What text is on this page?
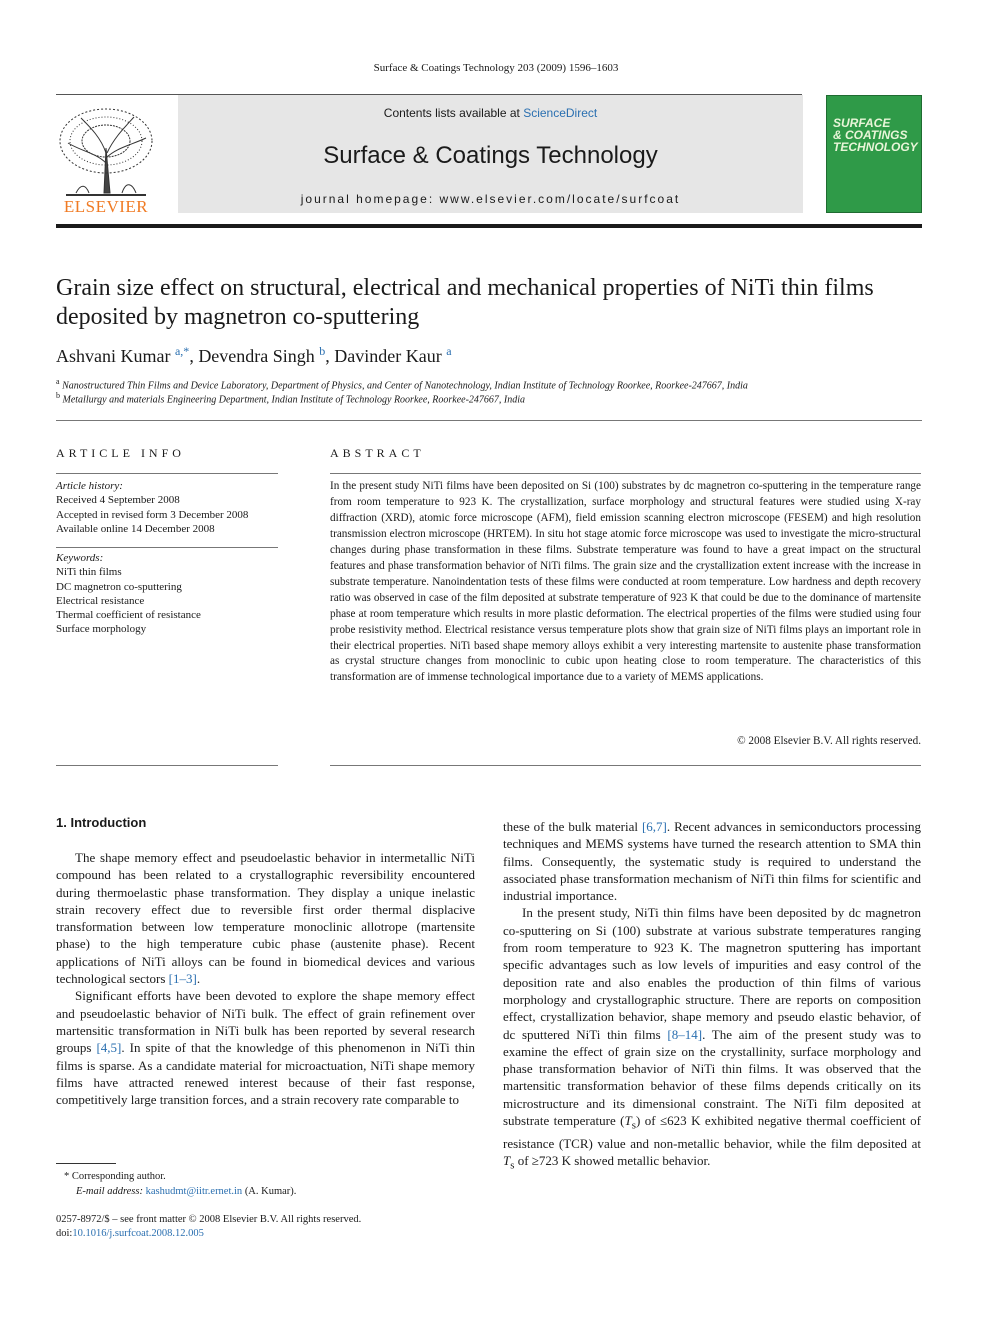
Surface & Coatings Technology 203 (2009) 1596–1603
ELSEVIER
Contents lists available at ScienceDirect
Surface & Coatings Technology
journal homepage: www.elsevier.com/locate/surfcoat
SURFACE
& COATINGS
TECHNOLOGY
Grain size effect on structural, electrical and mechanical properties of NiTi thin films
deposited by magnetron co-sputtering
Ashvani Kumar $^{a,*}$, Devendra Singh $^b$, Davinder Kaur $^a$
$^a$ Nanostructured Thin Films and Device Laboratory, Department of Physics, and Center of Nanotechnology, Indian Institute of Technology Roorkee, Roorkee-247667, India
$^b$ Metallurgy and materials Engineering Department, Indian Institute of Technology Roorkee, Roorkee-247667, India
ARTICLE INFO	ABSTRACT
Article history:
Received 4 September 2008
Accepted in revised form 3 December 2008
Available online 14 December 2008
Keywords:
NiTi thin films
DC magnetron co-sputtering
Electrical resistance
Thermal coefficient of resistance
Surface morphology
In the present study NiTi films have been deposited on Si (100) substrates by dc magnetron co-sputtering in the temperature range from room temperature to 923 K. The crystallization, surface morphology and structural features were studied using X-ray diffraction (XRD), atomic force microscope (AFM), field emission scanning electron microscope (FESEM) and high resolution transmission electron microscope (HRTEM). In situ hot stage atomic force microscope was used to investigate the micro-structural changes during phase transformation in these films. Substrate temperature was found to have a great impact on the structural features and phase transformation behavior of NiTi films. The grain size and the crystallization extent increase with the increase in substrate temperature. Nanoindentation tests of these films were conducted at room temperature. Low hardness and depth recovery ratio was observed in case of the film deposited at substrate temperature of 923 K that could be due to the dominance of martensite phase at room temperature which results in more plastic deformation. The electrical properties of the films were studied using four probe resistivity method. Electrical resistance versus temperature plots show that grain size of NiTi films plays an important role in their electrical properties. NiTi based shape memory alloys exhibit a very interesting martensite to austenite phase transformation as crystal structure changes from monoclinic to cubic upon heating close to room temperature. The characteristics of this transformation are of immense technological importance due to a variety of MEMS applications.
© 2008 Elsevier B.V. All rights reserved.
1. Introduction

The shape memory effect and pseudoelastic behavior in intermetallic NiTi compound has been related to a crystallographic reversibility encountered during thermoelastic phase transformation. They display a unique inelastic strain recovery effect due to reversible first order thermal displacive transformation between low temperature monoclinic allotrope (martensite phase) to the high temperature cubic phase (austenite phase). Recent applications of NiTi alloys can be found in biomedical devices and various technological sectors [1–3].

Significant efforts have been devoted to explore the shape memory effect and pseudoelastic behavior of NiTi bulk. The effect of grain refinement over martensitic transformation in NiTi bulk has been reported by several research groups [4,5]. In spite of that the knowledge of this phenomenon in NiTi thin films is sparse. As a candidate material for microactuation, NiTi shape memory films have attracted renewed interest because of their fast response, competitively large transition forces, and a strain recovery rate comparable to

these of the bulk material [6,7]. Recent advances in semiconductors processing techniques and MEMS systems have turned the research attention to SMA thin films. Consequently, the systematic study is required to understand the associated phase transformation mechanism of NiTi thin films for scientific and industrial importance.

In the present study, NiTi thin films have been deposited by dc magnetron co-sputtering on Si (100) substrate at various substrate temperatures ranging from room temperature to 923 K. The magnetron sputtering has important specific advantages such as low levels of impurities and easy control of the deposition rate and also enables the production of thin films of various morphology and crystallographic structure. There are reports on composition effect, crystallization behavior, shape memory and pseudo elastic behavior, of dc sputtered NiTi thin films [8–14]. The aim of the present study was to examine the effect of grain size on the crystallinity, surface morphology and phase transformation behavior of NiTi thin films. It was observed that the martensitic transformation behavior of these films depends critically on its microstructure and its dimensional constraint. The NiTi film deposited at substrate temperature $(T_s)$ of ≤623 K exhibited negative thermal coefficient of resistance (TCR) value and non-metallic behavior, while the film deposited at $T_s$ of ≥723 K showed metallic behavior.

* Corresponding author.
E-mail address: kashudmt@iitr.ernet.in (A. Kumar).
0257-8972/$ – see front matter © 2008 Elsevier B.V. All rights reserved.
doi:10.1016/j.surfcoat.2008.12.005
